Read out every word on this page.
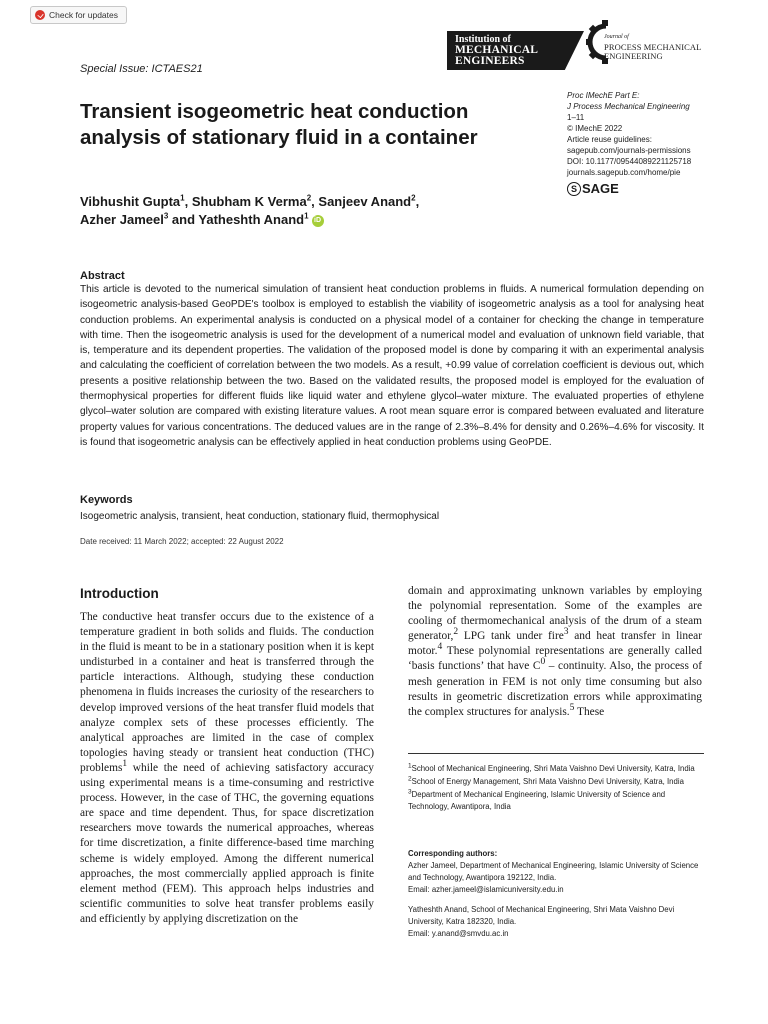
Check for updates
Institution of
MECHANICAL
ENGINEERS
Journal of
PROCESS MECHANICAL
ENGINEERING
Special Issue: ICTAES21
Transient isogeometric heat conduction analysis of stationary fluid in a container
Proc IMechE Part E:
J Process Mechanical Engineering
1–11
© IMechE 2022
Article reuse guidelines:
sagepub.com/journals-permissions
DOI: 10.1177/09544089221125718
journals.sagepub.com/home/pie
S SAGE

Vibhushit Gupta$^1$, Shubham K Verma$^2$, Sanjeev Anand$^2$,
Azher Jameel$^3$ and Yatheshth Anand$^1$ iD

Abstract

This article is devoted to the numerical simulation of transient heat conduction problems in fluids. A numerical formulation depending on isogeometric analysis-based GeoPDE's toolbox is employed to establish the viability of isogeometric analysis as a tool for analysing heat conduction problems. An experimental analysis is conducted on a physical model of a container for checking the change in temperature with time. Then the isogeometric analysis is used for the development of a numerical model and evaluation of unknown field variable, that is, temperature and its dependent properties. The validation of the proposed model is done by comparing it with an experimental analysis and calculating the coefficient of correlation between the two models. As a result, +0.99 value of correlation coefficient is devious out, which presents a positive relationship between the two. Based on the validated results, the proposed model is employed for the evaluation of thermophysical properties for different fluids like liquid water and ethylene glycol–water mixture. The evaluated properties of ethylene glycol–water solution are compared with existing literature values. A root mean square error is compared between evaluated and literature property values for various concentrations. The deduced values are in the range of 2.3%–8.4% for density and 0.26%–4.6% for viscosity. It is found that isogeometric analysis can be effectively applied in heat conduction problems using GeoPDE.

Keywords

Isogeometric analysis, transient, heat conduction, stationary fluid, thermophysical

Date received: 11 March 2022; accepted: 22 August 2022
Introduction

The conductive heat transfer occurs due to the existence of a temperature gradient in both solids and fluids. The conduction in the fluid is meant to be in a stationary position when it is kept undisturbed in a container and heat is transferred through the particle interactions. Although, studying these conduction phenomena in fluids increases the curiosity of the researchers to develop improved versions of the heat transfer fluid models that analyze complex sets of these processes efficiently. The analytical approaches are limited in the case of complex topologies having steady or transient heat conduction (THC) problems$^1$ while the need of achieving satisfactory accuracy using experimental means is a time-consuming and restrictive process. However, in the case of THC, the governing equations are space and time dependent. Thus, for space discretization researchers move towards the numerical approaches, whereas for time discretization, a finite difference-based time marching scheme is widely employed. Among the different numerical approaches, the most commercially applied approach is finite element method (FEM). This approach helps industries and scientific communities to solve heat transfer problems easily and efficiently by applying discretization on the

domain and approximating unknown variables by employing the polynomial representation. Some of the examples are cooling of thermomechanical analysis of the drum of a steam generator,$^2$ LPG tank under fire$^3$ and heat transfer in linear motor.$^4$ These polynomial representations are generally called ‘basis functions’ that have $C^0$ – continuity. Also, the process of mesh generation in FEM is not only time consuming but also results in geometric discretization errors while approximating the complex structures for analysis.$^5$ These

$^1$School of Mechanical Engineering, Shri Mata Vaishno Devi University, Katra, India

$^2$School of Energy Management, Shri Mata Vaishno Devi University, Katra, India

$^3$Department of Mechanical Engineering, Islamic University of Science and Technology, Awantipora, India

Corresponding authors:

Azher Jameel, Department of Mechanical Engineering, Islamic University of Science and Technology, Awantipora 192122, India.

Email: azher.jameel@islamicuniversity.edu.in

Yatheshth Anand, School of Mechanical Engineering, Shri Mata Vaishno Devi University, Katra 182320, India.

Email: y.anand@smvdu.ac.in
